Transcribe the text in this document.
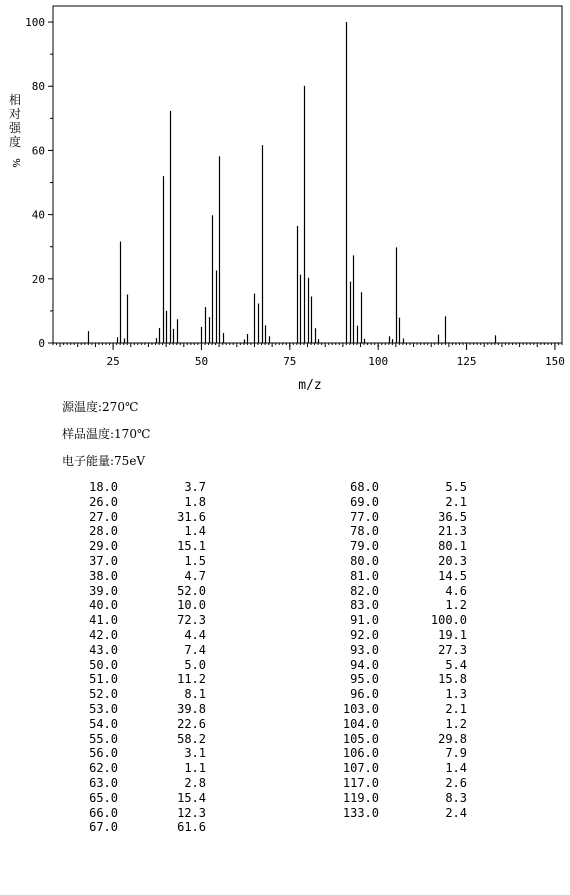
0
20
40
60
80
100
25	50	75	100	125	150
m/z
相
对
强
度
%
源温度:270℃
样品温度:170℃
电子能量:75eV
18.0	3.7
26.0	1.8
27.0	31.6
28.0	1.4
29.0	15.1
37.0	1.5
38.0	4.7
39.0	52.0
40.0	10.0
41.0	72.3
42.0	4.4
43.0	7.4
50.0	5.0
51.0	11.2
52.0	8.1
53.0	39.8
54.0	22.6
55.0	58.2
56.0	3.1
62.0	1.1
63.0	2.8
65.0	15.4
66.0	12.3
67.0	61.6
68.0	5.5
69.0	2.1
77.0	36.5
78.0	21.3
79.0	80.1
80.0	20.3
81.0	14.5
82.0	4.6
83.0	1.2
91.0	100.0
92.0	19.1
93.0	27.3
94.0	5.4
95.0	15.8
96.0	1.3
103.0	2.1
104.0	1.2
105.0	29.8
106.0	7.9
107.0	1.4
117.0	2.6
119.0	8.3
133.0	2.4
